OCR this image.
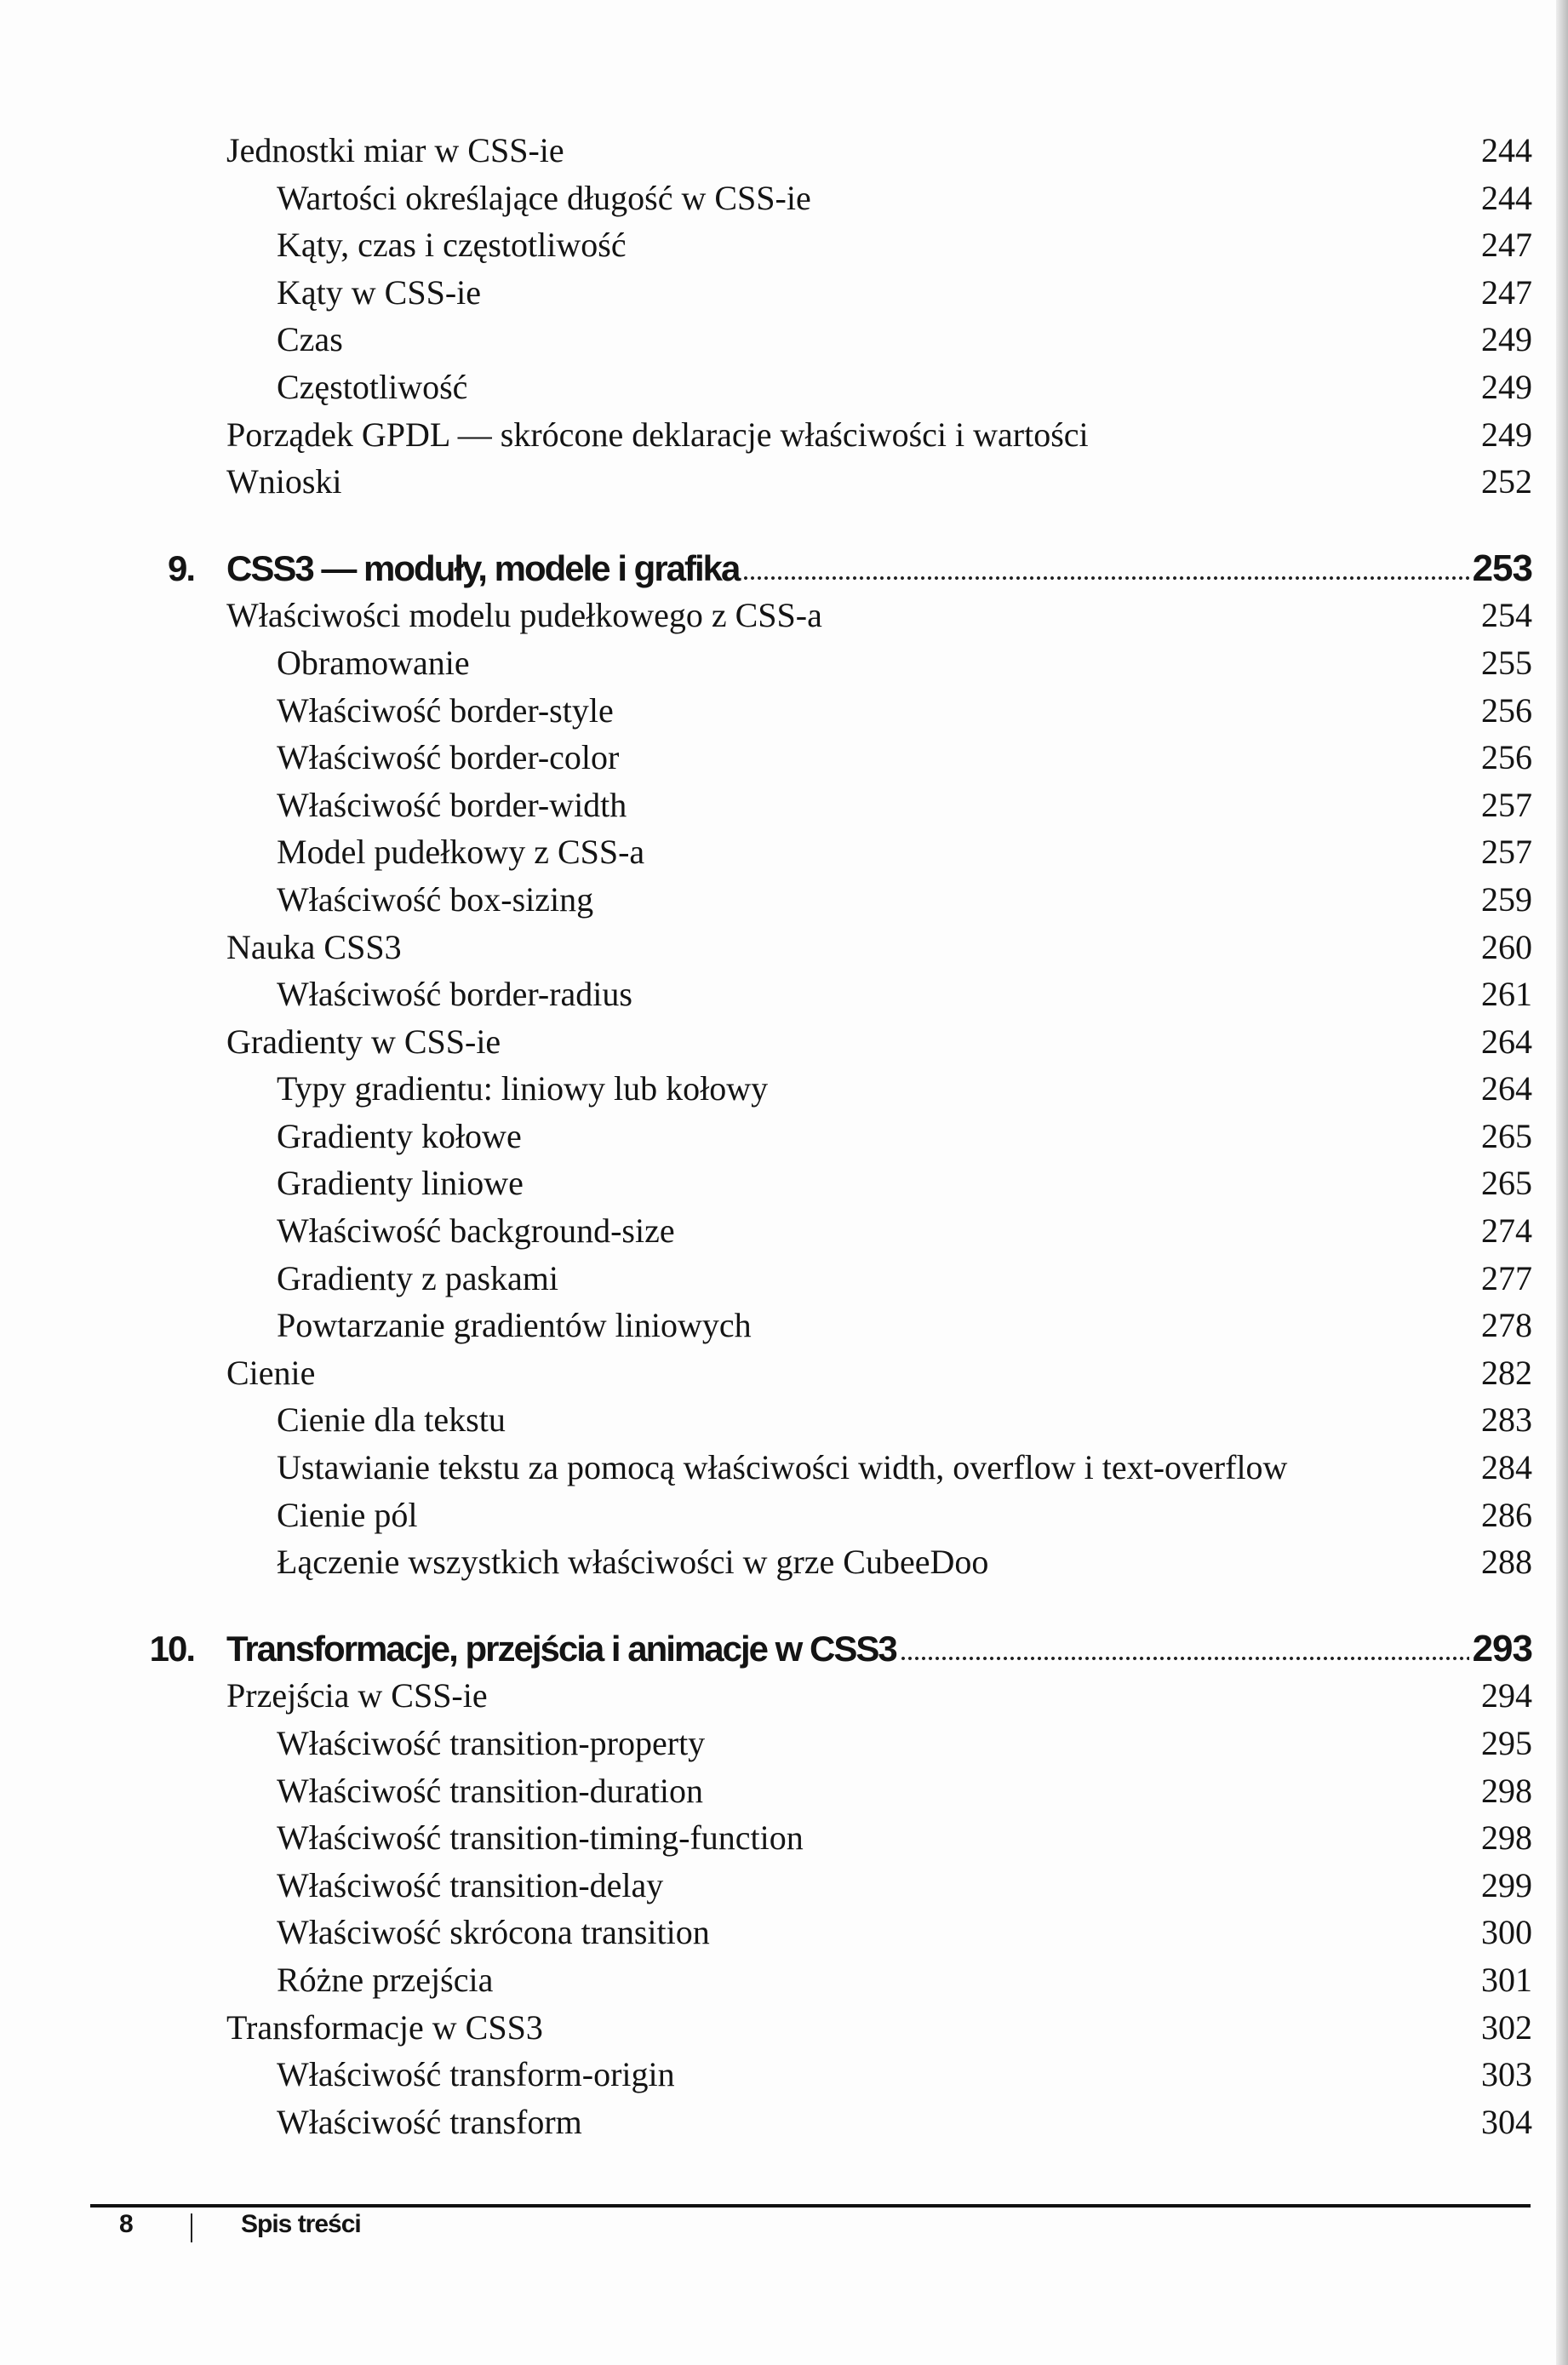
Jednostki miar w CSS-ie	244
Wartości określające długość w CSS-ie	244
Kąty, czas i częstotliwość	247
Kąty w CSS-ie	247
Czas	249
Częstotliwość	249
Porządek GPDL — skrócone deklaracje właściwości i wartości	249
Wnioski	252
9. CSS3 — moduły, modele i grafika	253
Właściwości modelu pudełkowego z CSS-a	254
Obramowanie	255
Właściwość border-style	256
Właściwość border-color	256
Właściwość border-width	257
Model pudełkowy z CSS-a	257
Właściwość box-sizing	259
Nauka CSS3	260
Właściwość border-radius	261
Gradienty w CSS-ie	264
Typy gradientu: liniowy lub kołowy	264
Gradienty kołowe	265
Gradienty liniowe	265
Właściwość background-size	274
Gradienty z paskami	277
Powtarzanie gradientów liniowych	278
Cienie	282
Cienie dla tekstu	283
Ustawianie tekstu za pomocą właściwości width, overflow i text-overflow	284
Cienie pól	286
Łączenie wszystkich właściwości w grze CubeeDoo	288
10. Transformacje, przejścia i animacje w CSS3	293
Przejścia w CSS-ie	294
Właściwość transition-property	295
Właściwość transition-duration	298
Właściwość transition-timing-function	298
Właściwość transition-delay	299
Właściwość skrócona transition	300
Różne przejścia	301
Transformacje w CSS3	302
Właściwość transform-origin	303
Właściwość transform	304
8	Spis treści
